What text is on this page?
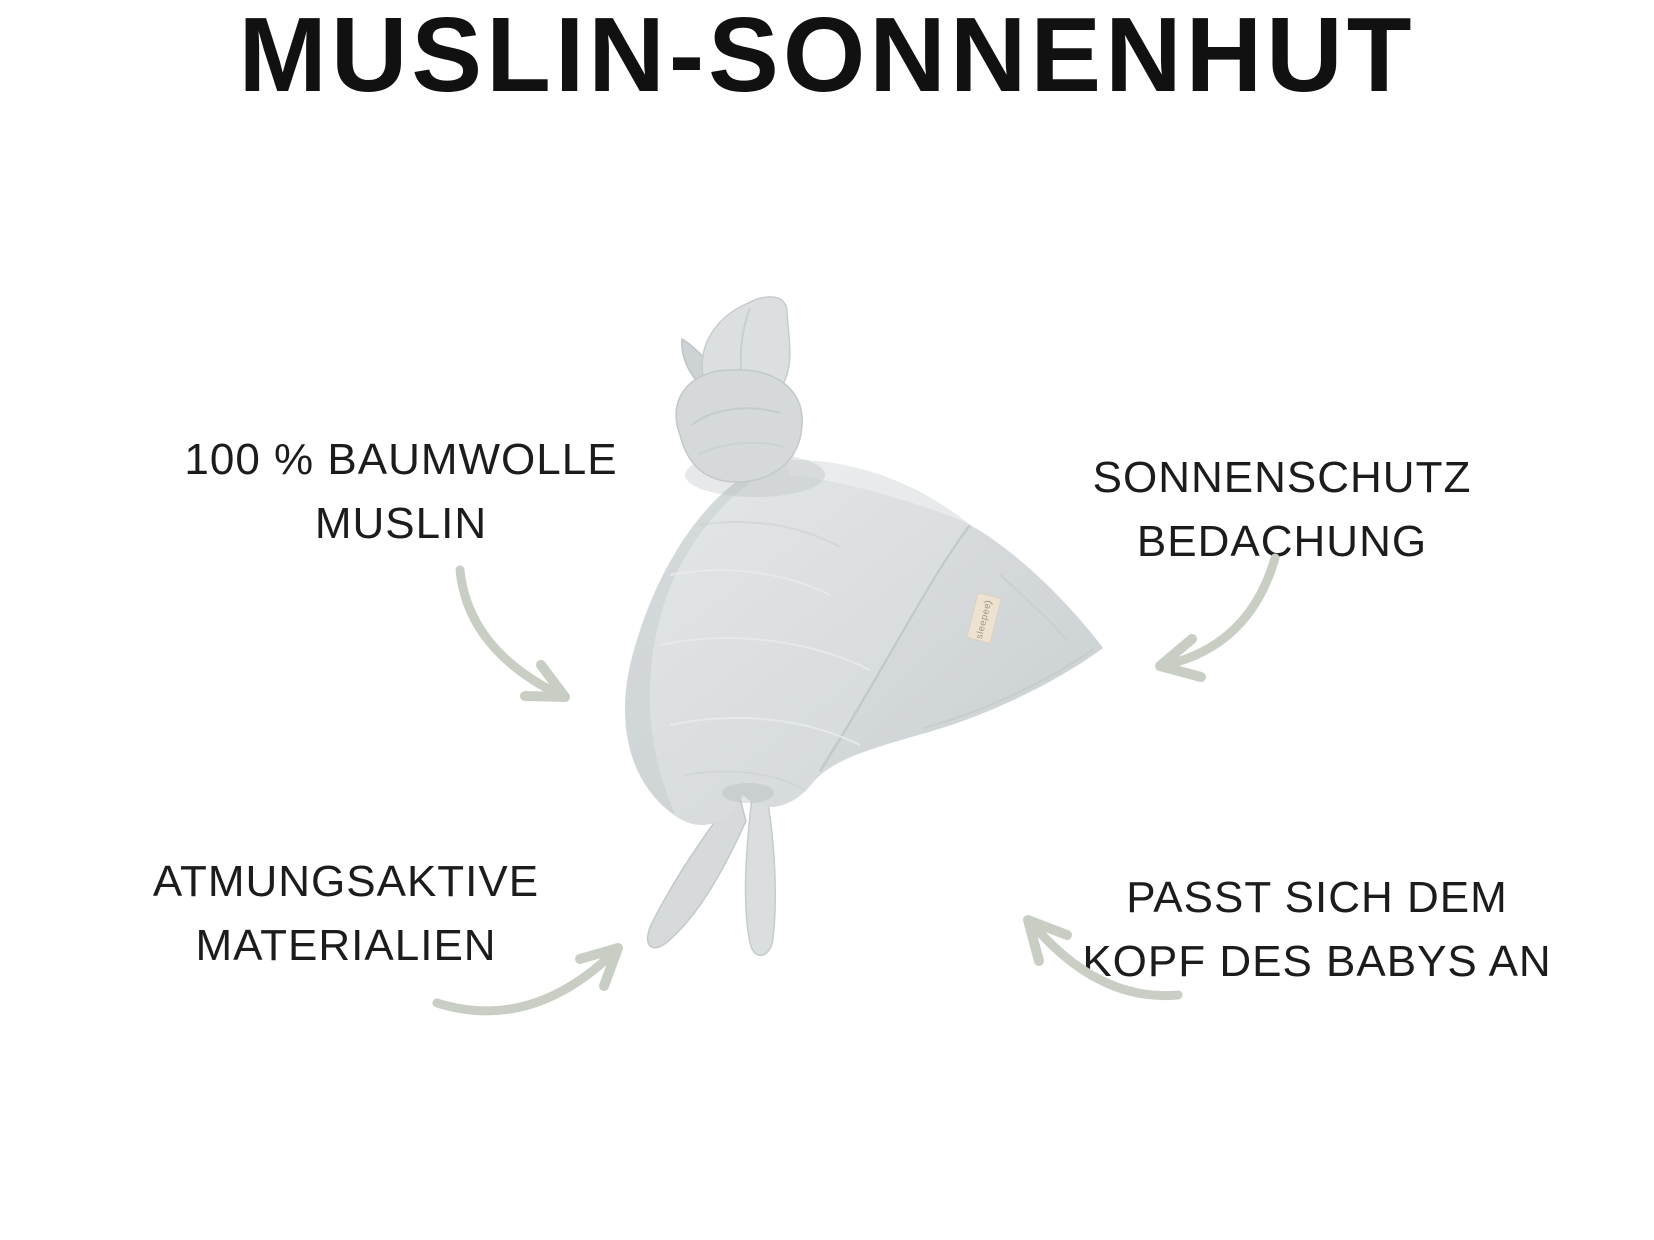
MUSLIN-SONNENHUT
100 % BAUMWOLLE
MUSLIN
SONNENSCHUTZ
BEDACHUNG
ATMUNGSAKTIVE
MATERIALIEN
PASST SICH DEM
KOPF DES BABYS AN
sleepee
